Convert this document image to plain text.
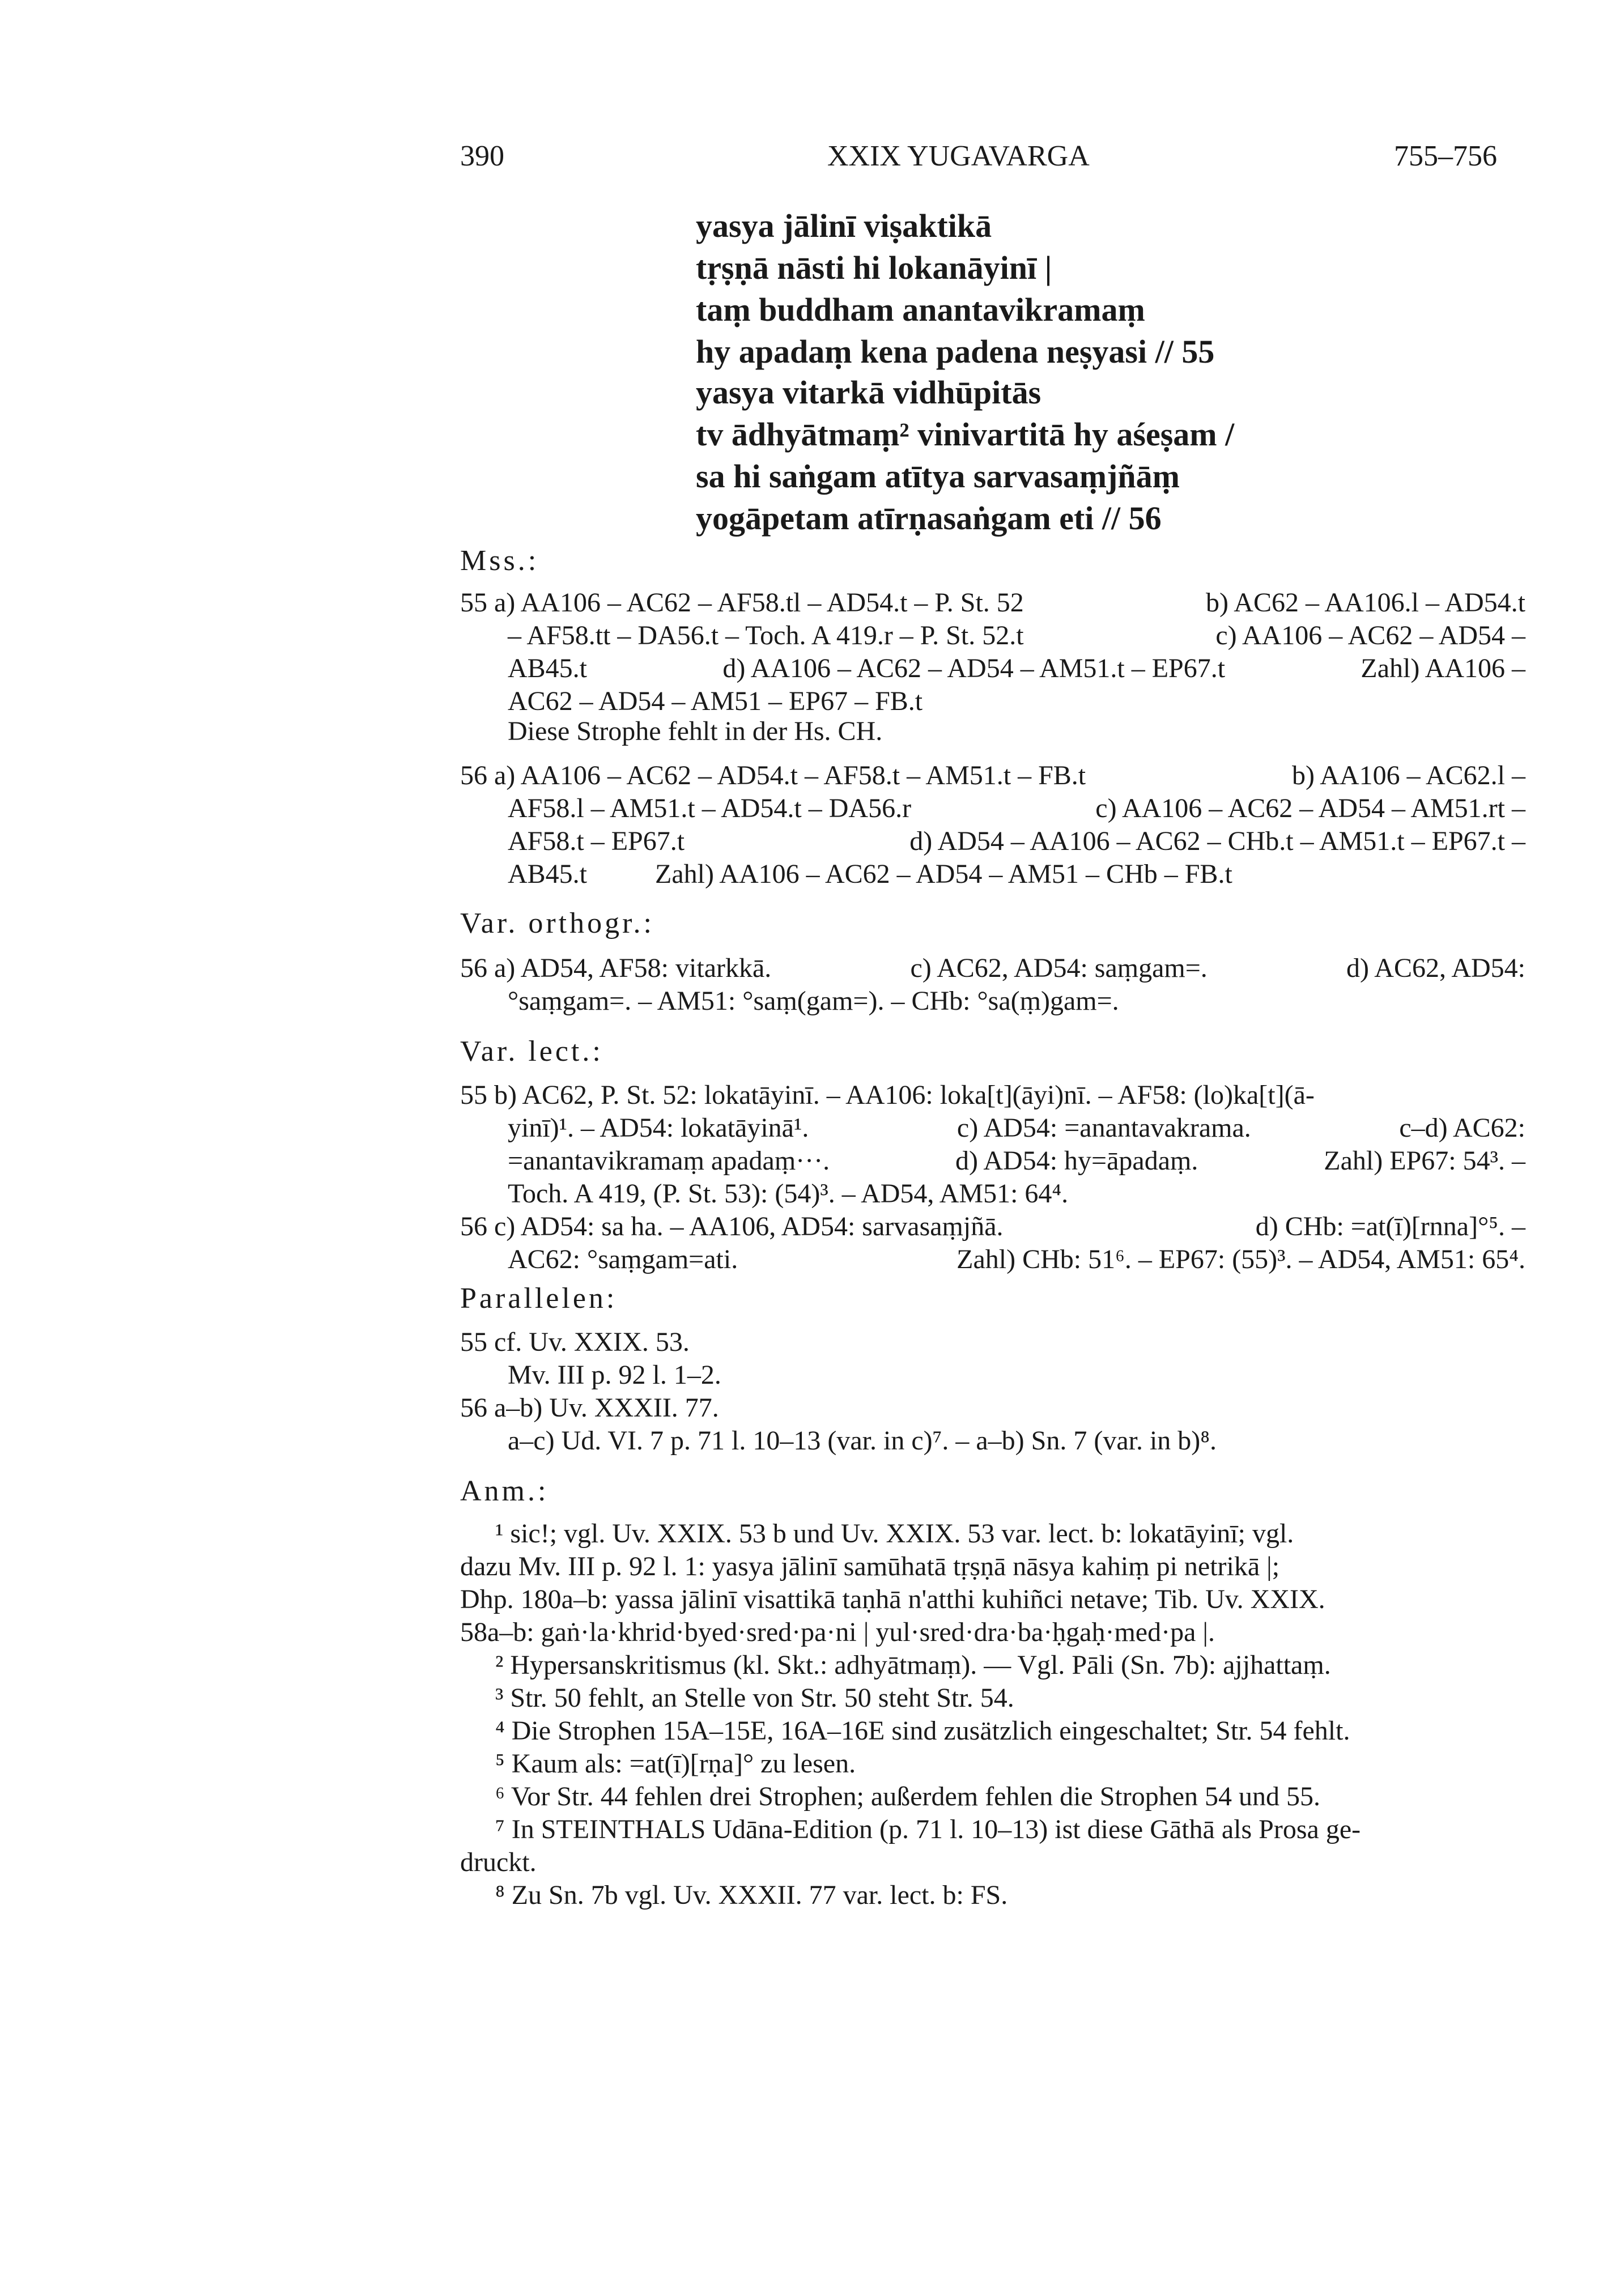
390	XXIX YUGAVARGA	755–756
yasya jālinī viṣaktikā
tṛṣṇā nāsti hi lokanāyinī |
taṃ buddham anantavikramaṃ
hy apadaṃ kena padena neṣyasi // 55
yasya vitarkā vidhūpitās
tv ādhyātmaṃ² vinivartitā hy aśeṣam /
sa hi saṅgam atītya sarvasaṃjñāṃ
yogāpetam atīrṇasaṅgam eti // 56
Mss.:
55 a) AA106 – AC62 – AF58.tl – AD54.t – P. St. 52	b) AC62 – AA106.l – AD54.t
– AF58.tt – DA56.t – Toch. A 419.r – P. St. 52.t	c) AA106 – AC62 – AD54 –
AB45.t	d) AA106 – AC62 – AD54 – AM51.t – EP67.t	Zahl) AA106 –
AC62 – AD54 – AM51 – EP67 – FB.t
Diese Strophe fehlt in der Hs. CH.
56 a) AA106 – AC62 – AD54.t – AF58.t – AM51.t – FB.t	b) AA106 – AC62.l –
AF58.l – AM51.t – AD54.t – DA56.r	c) AA106 – AC62 – AD54 – AM51.rt –
AF58.t – EP67.t	d) AD54 – AA106 – AC62 – CHb.t – AM51.t – EP67.t –
AB45.t	Zahl) AA106 – AC62 – AD54 – AM51 – CHb – FB.t
Var. orthogr.:
56 a) AD54, AF58: vitarkkā.	c) AC62, AD54: saṃgam=.	d) AC62, AD54:
°saṃgam=. – AM51: °saṃ(gam=). – CHb: °sa(ṃ)gam=.
Var. lect.:
55 b) AC62, P. St. 52: lokatāyinī. – AA106: loka[t](āyi)nī. – AF58: (lo)ka[t](ā-
yinī)¹. – AD54: lokatāyinā¹.	c) AD54: =anantavakrama.	c–d) AC62:
=anantavikramaṃ apadaṃ···.	d) AD54: hy=āpadaṃ.	Zahl) EP67: 54³. –
Toch. A 419, (P. St. 53): (54)³. – AD54, AM51: 64⁴.
56 c) AD54: sa ha. – AA106, AD54: sarvasaṃjñā.	d) CHb: =at(ī)[rnna]°⁵. –
AC62: °saṃgam=ati.	Zahl) CHb: 51⁶. – EP67: (55)³. – AD54, AM51: 65⁴.
Parallelen:
55 cf. Uv. XXIX. 53.
Mv. III p. 92 l. 1–2.
56 a–b) Uv. XXXII. 77.
a–c) Ud. VI. 7 p. 71 l. 10–13 (var. in c)⁷. – a–b) Sn. 7 (var. in b)⁸.
Anm.:
¹ sic!; vgl. Uv. XXIX. 53 b und Uv. XXIX. 53 var. lect. b: lokatāyinī; vgl.
dazu Mv. III p. 92 l. 1: yasya jālinī samūhatā tṛṣṇā nāsya kahiṃ pi netrikā |;
Dhp. 180a–b: yassa jālinī visattikā taṇhā n'atthi kuhiñci netave; Tib. Uv. XXIX.
58a–b: gaṅ·la·khrid·byed·sred·pa·ni | yul·sred·dra·ba·ḥgaḥ·med·pa |.
² Hypersanskritismus (kl. Skt.: adhyātmaṃ). — Vgl. Pāli (Sn. 7b): ajjhattaṃ.
³ Str. 50 fehlt, an Stelle von Str. 50 steht Str. 54.
⁴ Die Strophen 15A–15E, 16A–16E sind zusätzlich eingeschaltet; Str. 54 fehlt.
⁵ Kaum als: =at(ī)[rṇa]° zu lesen.
⁶ Vor Str. 44 fehlen drei Strophen; außerdem fehlen die Strophen 54 und 55.
⁷ In STEINTHALS Udāna-Edition (p. 71 l. 10–13) ist diese Gāthā als Prosa ge-
druckt.
⁸ Zu Sn. 7b vgl. Uv. XXXII. 77 var. lect. b: FS.
